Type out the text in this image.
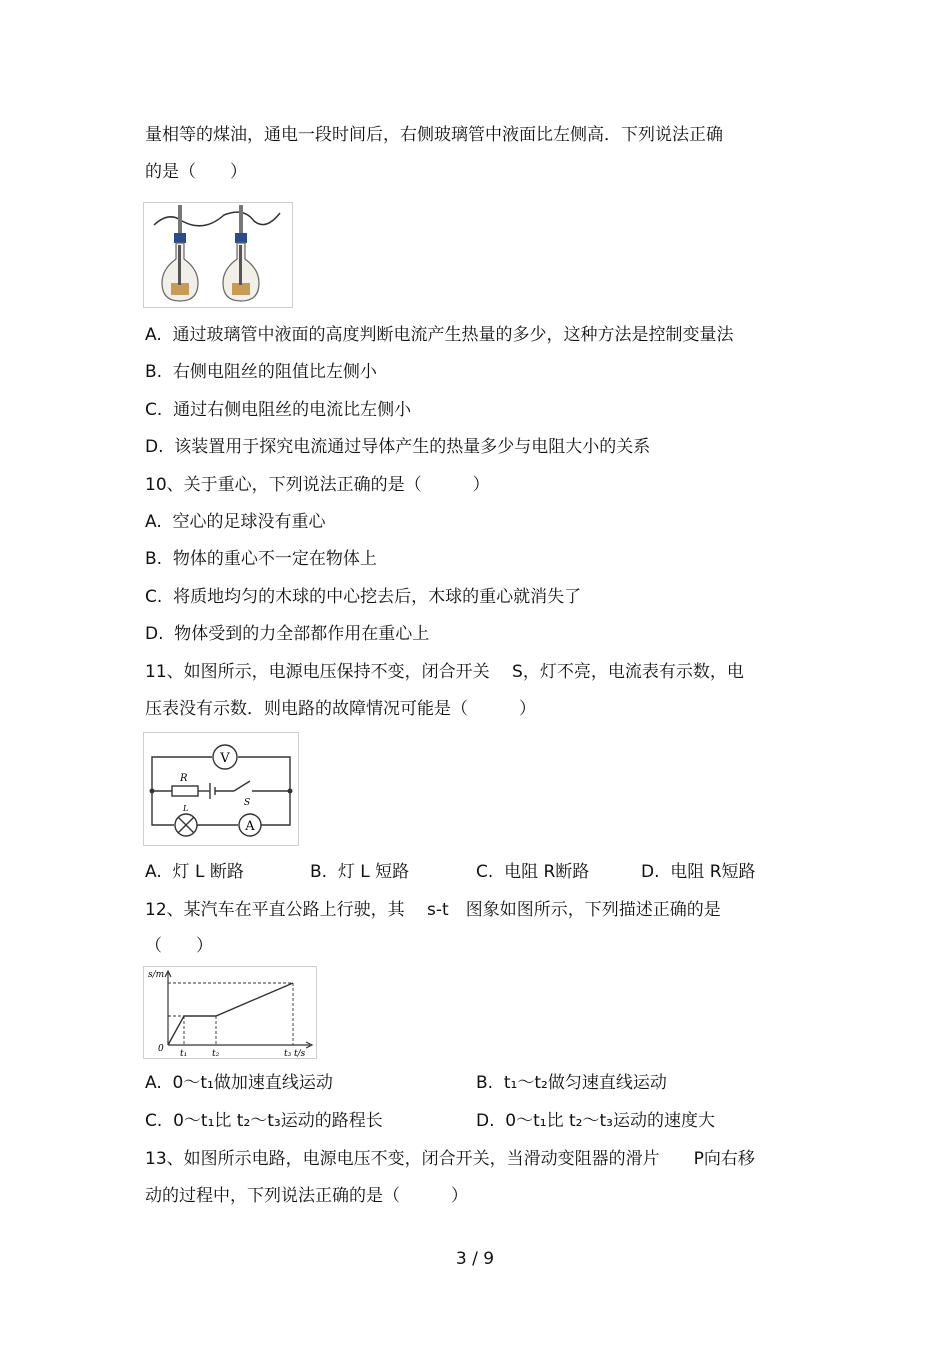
量相等的煤油，通电一段时间后，右侧玻璃管中液面比左侧高．下列说法正确
的是（　　）
A.  通过玻璃管中液面的高度判断电流产生热量的多少，这种方法是控制变量法
B.  右侧电阻丝的阻值比左侧小
C.  通过右侧电阻丝的电流比左侧小
D.  该装置用于探究电流通过导体产生的热量多少与电阻大小的关系
10、关于重心，下列说法正确的是（　　　）
A.  空心的足球没有重心
B.  物体的重心不一定在物体上
C.  将质地均匀的木球的中心挖去后，木球的重心就消失了
D.  物体受到的力全部都作用在重心上
11、如图所示，电源电压保持不变，闭合开关　 S，灯不亮，电流表有示数，电
压表没有示数．则电路的故障情况可能是（　　　）
V
A
R
S
L
A.  灯 L 断路	B.  灯 L 短路	C.  电阻 R断路	D.  电阻 R短路
12、某汽车在平直公路上行驶，其　 s-t　图象如图所示，下列描述正确的是
（　　）
s/m
t/s
0 t₁	t₂	t₃
A.  0～t₁做加速直线运动	B.  t₁～t₂做匀速直线运动
C.  0～t₁比 t₂～t₃运动的路程长	D.  0～t₁比 t₂～t₃运动的速度大
13、如图所示电路，电源电压不变，闭合开关，当滑动变阻器的滑片　　P向右移
动的过程中，下列说法正确的是（　　　）
3 / 9
